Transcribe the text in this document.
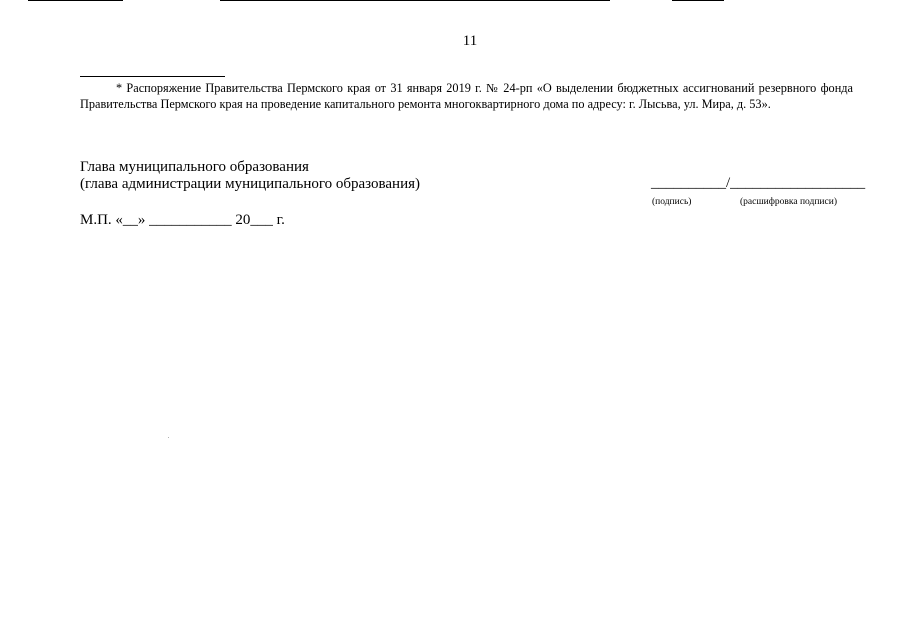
11
* Распоряжение Правительства Пермского края от 31 января 2019 г. № 24-рп «О выделении бюджетных ассигнований резервного фонда Правительства Пермского края на проведение капитального ремонта многоквартирного дома по адресу: г. Лысьва, ул. Мира, д. 53».
Глава муниципального образования
(глава администрации муниципального образования)
М.П. «__» ___________ 20___ г.
__________/__________________
(подпись)	(расшифровка подписи)
